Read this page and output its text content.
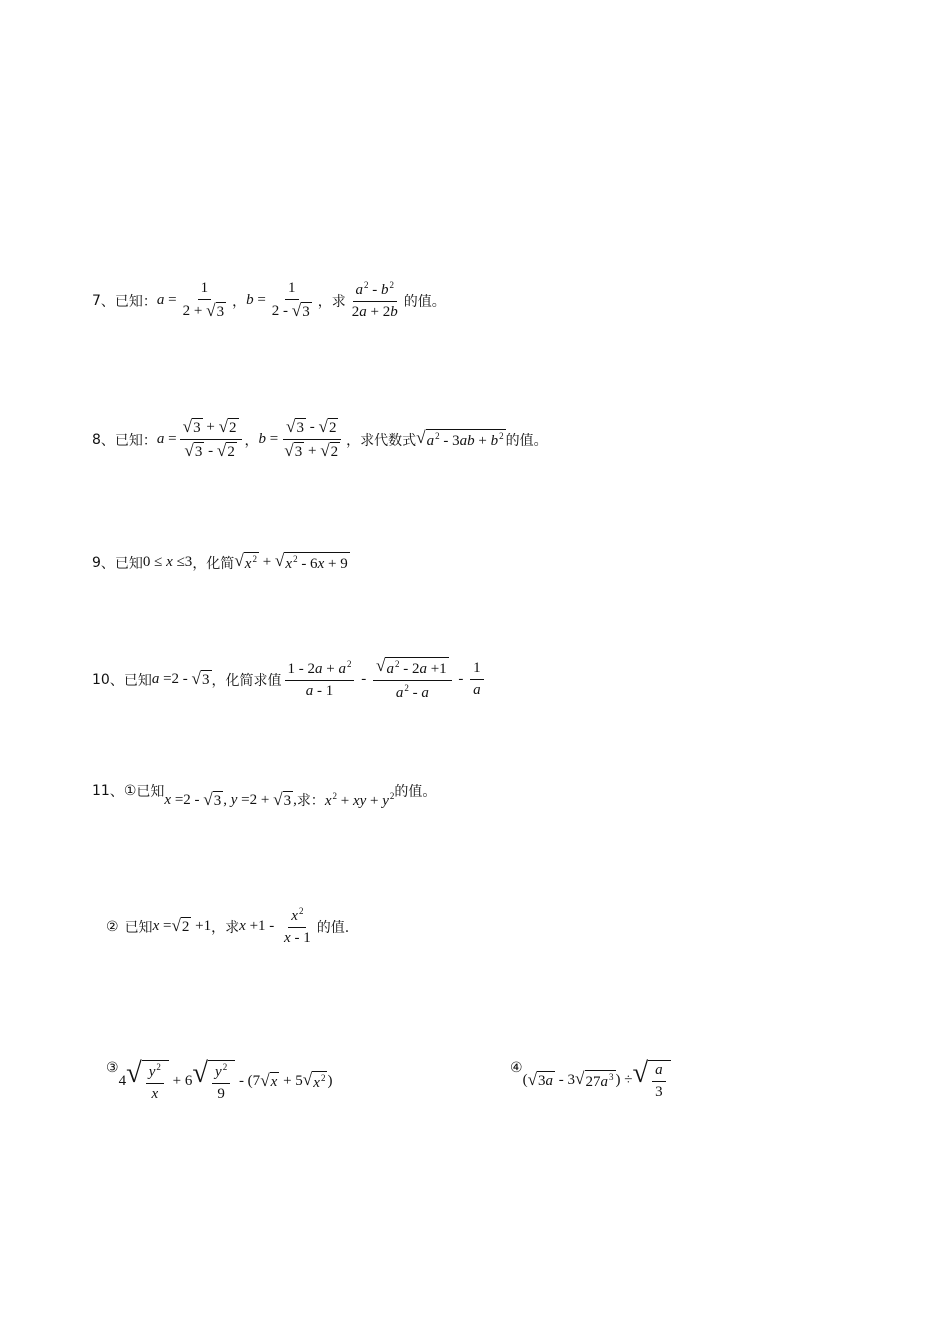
7 、 已知： $a = \frac{1}{2 + √ 3}$ ， $b = \frac{1}{2 - √ 3}$ ，求 $\frac{a^2 - b^2}{2a + 2b}$ 的值。
8 、 已知： $a = \frac{√ 3 + √ 2}{√ 3 - √ 2}$ ， $b = \frac{√ 3 - √ 2}{√ 3 + √ 2}$ ，求代数式 √ $a^2 - 3ab + b^2$ 的值。
9 、 已知 0 ≤ x ≤3 ，化简 √ $x^2$ + √ $x^2 - 6x + 9$
10 、 已知 a =2 - √ 3 ，化简求值 $\frac{1 - 2a + a^2}{a - 1} - \frac{√ a^2 - 2a +1}{a^2 - a} - \frac{1}{a}$
11 、 ① 已知 x =2 - √ 3 , y =2 + √ 3 , 求： $x^2$ + xy + $y^2$ 的值。
② 已知 x = √ 2 +1 ，求 $x +1 - \frac{x^2}{x - 1}$ 的值.
③
4 √ $\frac{y^2}{x} + 6$ √ $\frac{y^2}{9} - (7$ √ x + 5 √ $x^2$ )
④
( √ 3a - 3 √ $27a^3$ ) ÷ √ $\frac{a}{3}$
